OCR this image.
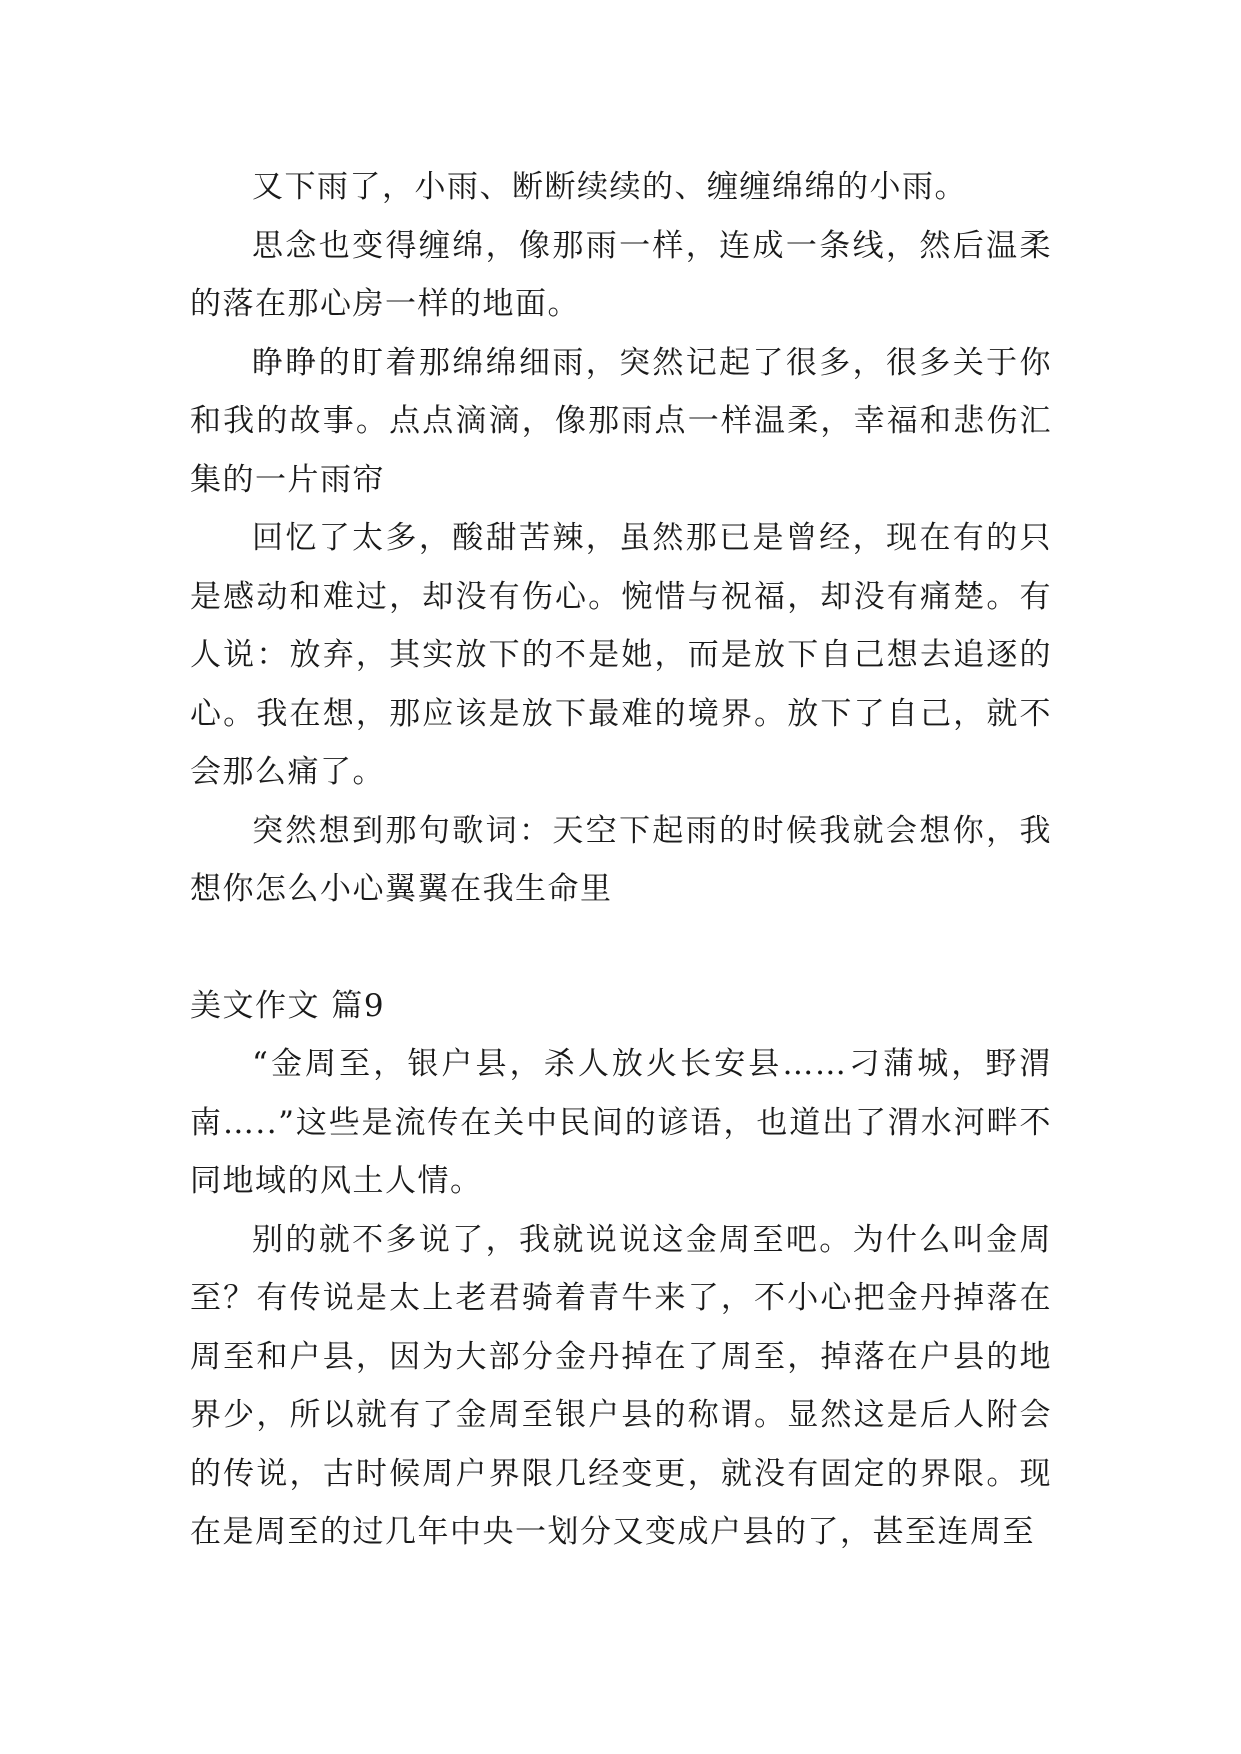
又下雨了，小雨、断断续续的、缠缠绵绵的小雨。

思念也变得缠绵，像那雨一样，连成一条线，然后温柔的落在那心房一样的地面。

睁睁的盯着那绵绵细雨，突然记起了很多，很多关于你和我的故事。点点滴滴，像那雨点一样温柔，幸福和悲伤汇集的一片雨帘

回忆了太多，酸甜苦辣，虽然那已是曾经，现在有的只是感动和难过，却没有伤心。惋惜与祝福，却没有痛楚。有人说：放弃，其实放下的不是她，而是放下自己想去追逐的心。我在想，那应该是放下最难的境界。放下了自己，就不会那么痛了。

突然想到那句歌词：天空下起雨的时候我就会想你，我想你怎么小心翼翼在我生命里

美文作文 篇9

“金周至，银户县，杀人放火长安县……刁蒲城，野渭南…..”这些是流传在关中民间的谚语，也道出了渭水河畔不同地域的风土人情。

别的就不多说了，我就说说这金周至吧。为什么叫金周至？有传说是太上老君骑着青牛来了，不小心把金丹掉落在周至和户县，因为大部分金丹掉在了周至，掉落在户县的地界少，所以就有了金周至银户县的称谓。显然这是后人附会的传说，古时候周户界限几经变更，就没有固定的界限。现在是周至的过几年中央一划分又变成户县的了，甚至连周至
